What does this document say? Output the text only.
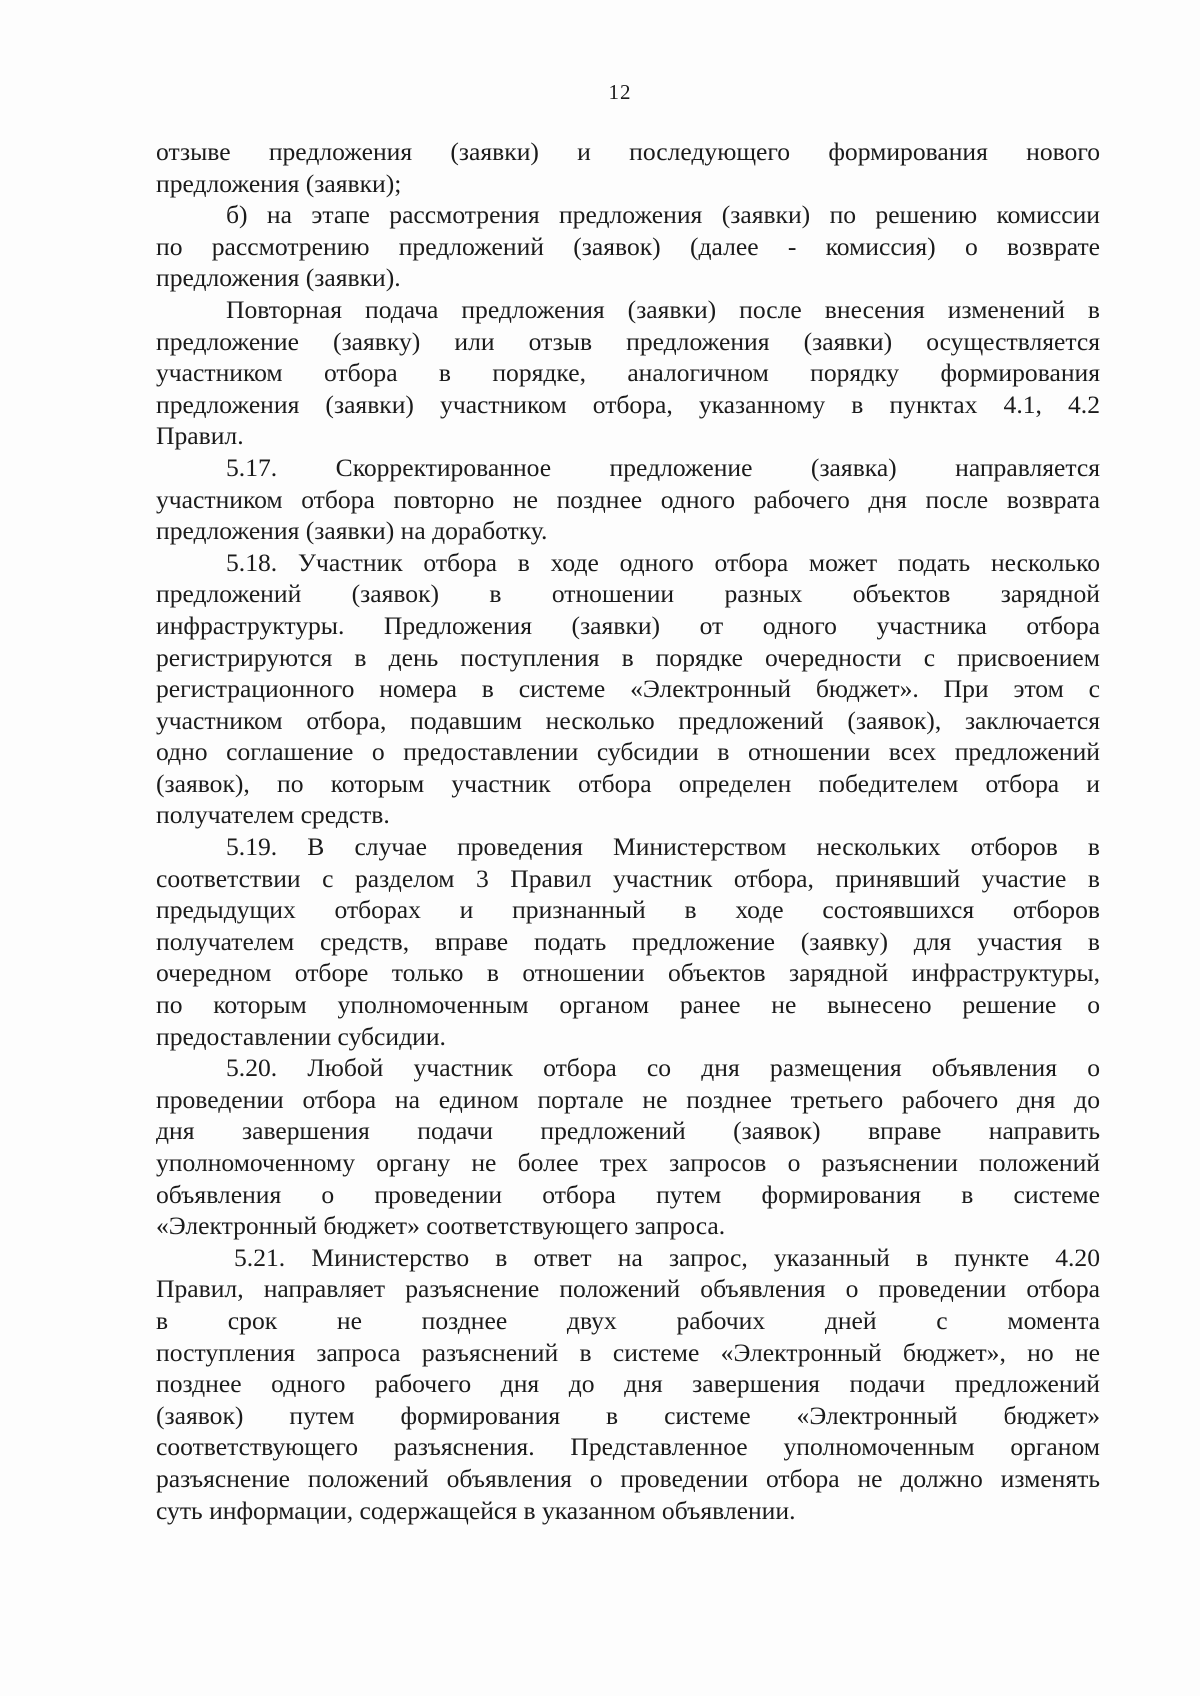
12
отзыве предложения (заявки) и последующего формирования нового
предложения (заявки);
б) на этапе рассмотрения предложения (заявки) по решению комиссии
по рассмотрению предложений (заявок) (далее - комиссия) о возврате
предложения (заявки).
Повторная подача предложения (заявки) после внесения изменений в
предложение (заявку) или отзыв предложения (заявки) осуществляется
участником отбора в порядке, аналогичном порядку формирования
предложения (заявки) участником отбора, указанному в пунктах 4.1, 4.2
Правил.
5.17. Скорректированное предложение (заявка) направляется
участником отбора повторно не позднее одного рабочего дня после возврата
предложения (заявки) на доработку.
5.18. Участник отбора в ходе одного отбора может подать несколько
предложений (заявок) в отношении разных объектов зарядной
инфраструктуры. Предложения (заявки) от одного участника отбора
регистрируются в день поступления в порядке очередности с присвоением
регистрационного номера в системе «Электронный бюджет». При этом с
участником отбора, подавшим несколько предложений (заявок), заключается
одно соглашение о предоставлении субсидии в отношении всех предложений
(заявок), по которым участник отбора определен победителем отбора и
получателем средств.
5.19. В случае проведения Министерством нескольких отборов в
соответствии с разделом 3 Правил участник отбора, принявший участие в
предыдущих отборах и признанный в ходе состоявшихся отборов
получателем средств, вправе подать предложение (заявку) для участия в
очередном отборе только в отношении объектов зарядной инфраструктуры,
по которым уполномоченным органом ранее не вынесено решение о
предоставлении субсидии.
5.20. Любой участник отбора со дня размещения объявления о
проведении отбора на едином портале не позднее третьего рабочего дня до
дня завершения подачи предложений (заявок) вправе направить
уполномоченному органу не более трех запросов о разъяснении положений
объявления о проведении отбора путем формирования в системе
«Электронный бюджет» соответствующего запроса.
5.21. Министерство в ответ на запрос, указанный в пункте 4.20
Правил, направляет разъяснение положений объявления о проведении отбора
в срок не позднее двух рабочих дней с момента
поступления запроса разъяснений в системе «Электронный бюджет», но не
позднее одного рабочего дня до дня завершения подачи предложений
(заявок) путем формирования в системе «Электронный бюджет»
соответствующего разъяснения. Представленное уполномоченным органом
разъяснение положений объявления о проведении отбора не должно изменять
суть информации, содержащейся в указанном объявлении.
